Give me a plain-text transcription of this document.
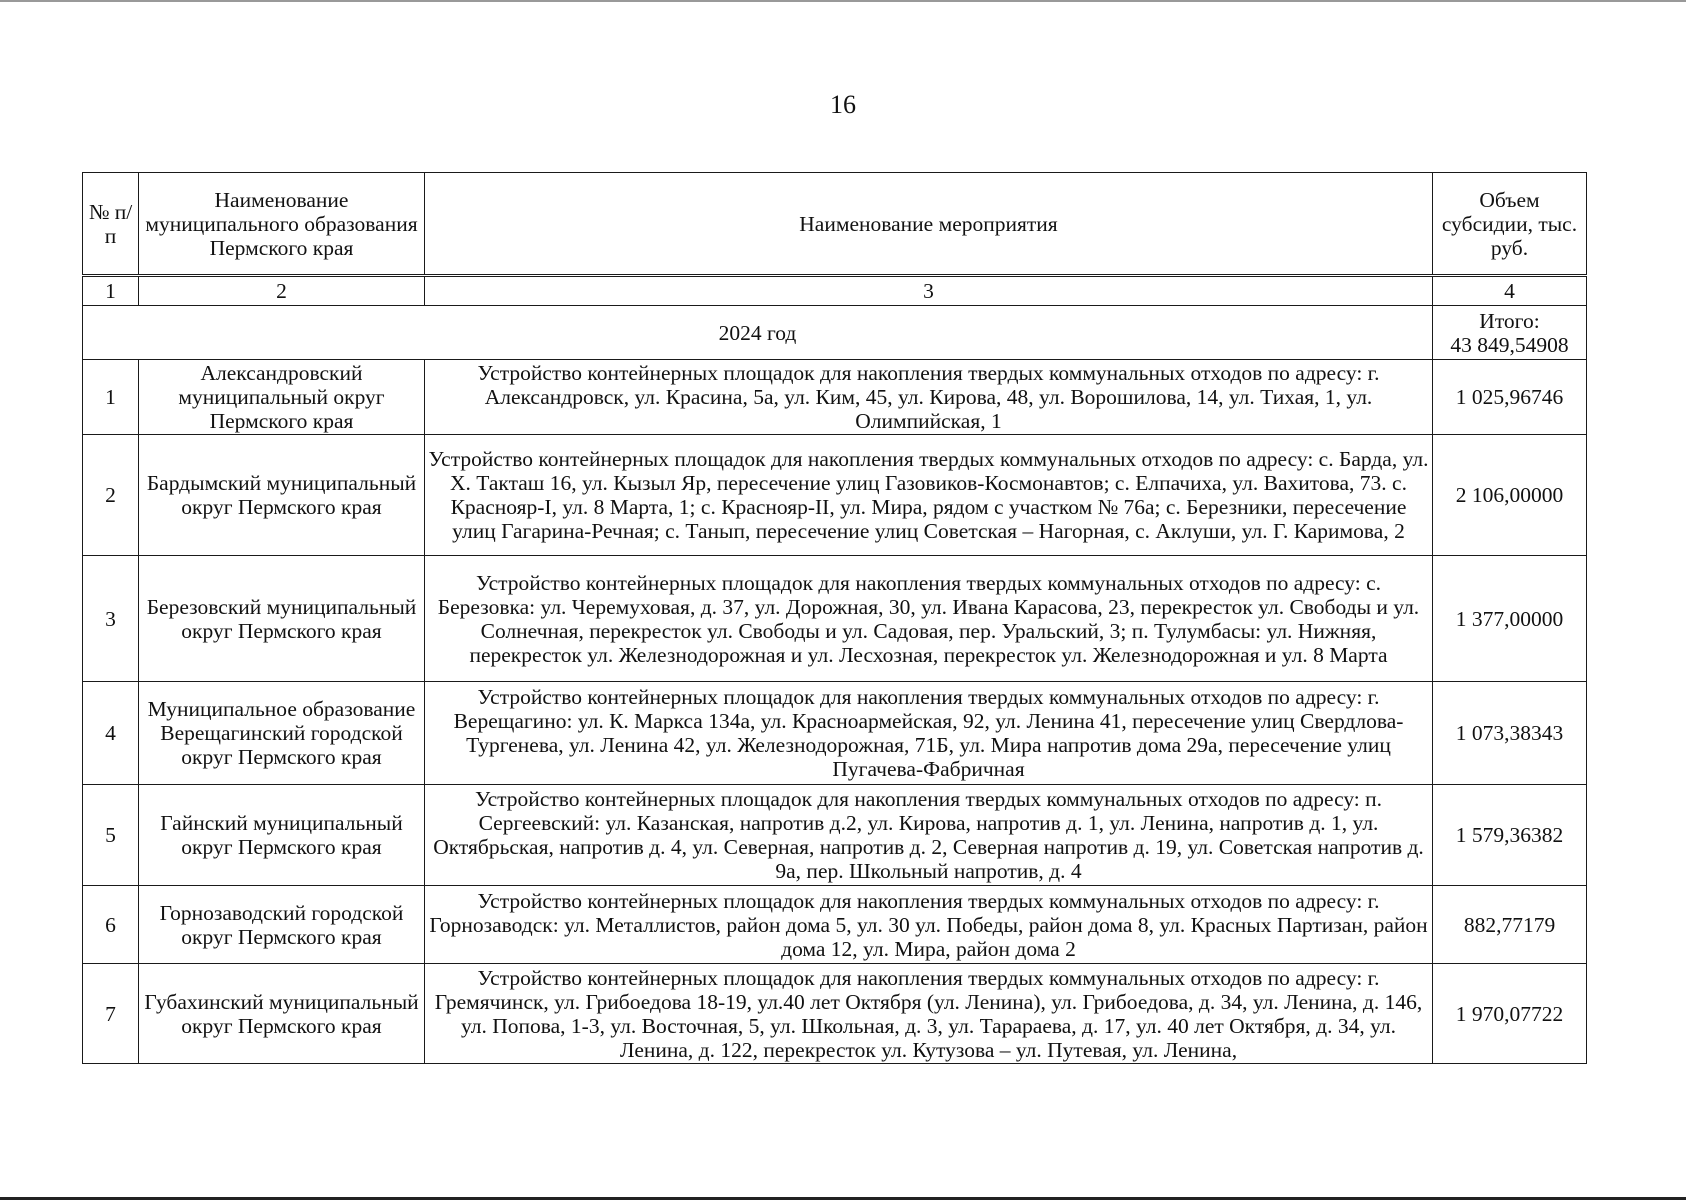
16
№ п/п	Наименование муниципального образования Пермского края	Наименование мероприятия	Объем субсидии, тыс. руб.
1	2	3	4
2024 год			Итого:
43 849,54908

1	Александровский муниципальный округ Пермского края	Устройство контейнерных площадок для накопления твердых коммунальных отходов по адресу: г. Александровск, ул. Красина, 5а, ул. Ким, 45, ул. Кирова, 48, ул. Ворошилова, 14, ул. Тихая, 1, ул. Олимпийская, 1	1 025,96746
2	Бардымский муниципальный округ Пермского края	Устройство контейнерных площадок для накопления твердых коммунальных отходов по адресу: с. Барда, ул. Х. Такташ 16, ул. Кызыл Яр, пересечение улиц Газовиков-Космонавтов; с. Елпачиха, ул. Вахитова, 73. с. Краснояр-I, ул. 8 Марта, 1; с. Краснояр-II, ул. Мира, рядом с участком № 76а; с. Березники, пересечение улиц Гагарина-Речная; с. Танып, пересечение улиц Советская – Нагорная, с. Аклуши, ул. Г. Каримова, 2	2 106,00000
3	Березовский муниципальный округ Пермского края	Устройство контейнерных площадок для накопления твердых коммунальных отходов по адресу: с. Березовка: ул. Черемуховая, д. 37, ул. Дорожная, 30, ул. Ивана Карасова, 23, перекресток ул. Свободы и ул. Солнечная, перекресток ул. Свободы и ул. Садовая, пер. Уральский, 3; п. Тулумбасы: ул. Нижняя, перекресток ул. Железнодорожная и ул. Лесхозная, перекресток ул. Железнодорожная и ул. 8 Марта	1 377,00000
4	Муниципальное образование Верещагинский городской округ Пермского края	Устройство контейнерных площадок для накопления твердых коммунальных отходов по адресу: г. Верещагино: ул. К. Маркса 134а, ул. Красноармейская, 92, ул. Ленина 41, пересечение улиц Свердлова-Тургенева, ул. Ленина 42, ул. Железнодорожная, 71Б, ул. Мира напротив дома 29а, пересечение улиц Пугачева-Фабричная	1 073,38343
5	Гайнский муниципальный округ Пермского края	Устройство контейнерных площадок для накопления твердых коммунальных отходов по адресу: п. Сергеевский: ул. Казанская, напротив д.2, ул. Кирова, напротив д. 1, ул. Ленина, напротив д. 1, ул. Октябрьская, напротив д. 4, ул. Северная, напротив д. 2, Северная напротив д. 19, ул. Советская напротив д. 9а, пер. Школьный напротив, д. 4	1 579,36382
6	Горнозаводский городской округ Пермского края	Устройство контейнерных площадок для накопления твердых коммунальных отходов по адресу: г. Горнозаводск: ул. Металлистов, район дома 5, ул. 30 ул. Победы, район дома 8, ул. Красных Партизан, район дома 12, ул. Мира, район дома 2	882,77179
7	Губахинский муниципальный округ Пермского края	Устройство контейнерных площадок для накопления твердых коммунальных отходов по адресу: г. Гремячинск, ул. Грибоедова 18-19, ул.40 лет Октября (ул. Ленина), ул. Грибоедова, д. 34, ул. Ленина, д. 146, ул. Попова, 1-3, ул. Восточная, 5, ул. Школьная, д. 3, ул. Тарараева, д. 17, ул. 40 лет Октября, д. 34, ул. Ленина, д. 122, перекресток ул. Кутузова – ул. Путевая, ул. Ленина,	1 970,07722
